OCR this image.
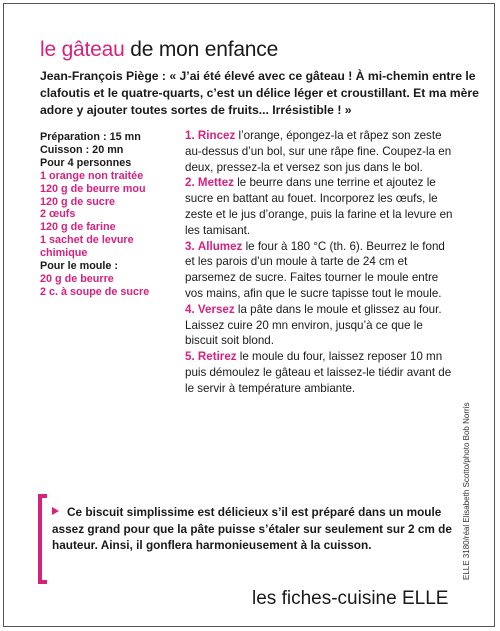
le gâteau de mon enfance

Jean-François Piège : « J’ai été élevé avec ce gâteau ! À mi-chemin entre le clafoutis et le quatre-quarts, c’est un délice léger et croustillant. Et ma mère adore y ajouter toutes sortes de fruits... Irrésistible ! »

Préparation : 15 mn
Cuisson : 20 mn
Pour 4 personnes
1 orange non traitée
120 g de beurre mou
120 g de sucre
2 œufs
120 g de farine
1 sachet de levure chimique
Pour le moule :
20 g de beurre
2 c. à soupe de sucre
1. Rincez l’orange, épongez-la et râpez son zeste au-dessus d’un bol, sur une râpe fine. Coupez-la en deux, pressez-la et versez son jus dans le bol.
2. Mettez le beurre dans une terrine et ajoutez le sucre en battant au fouet. Incorporez les œufs, le zeste et le jus d’orange, puis la farine et la levure en les tamisant.
3. Allumez le four à 180 °C (th. 6). Beurrez le fond et les parois d’un moule à tarte de 24 cm et parsemez de sucre. Faites tourner le moule entre vos mains, afin que le sucre tapisse tout le moule.
4. Versez la pâte dans le moule et glissez au four. Laissez cuire 20 mn environ, jusqu’à ce que le biscuit soit blond.
5. Retirez le moule du four, laissez reposer 10 mn puis démoulez le gâteau et laissez-le tiédir avant de le servir à température ambiante.
ELLE 3180/réal Elisabeth Scotto/photo Bob Norris

Ce biscuit simplissime est délicieux s’il est préparé dans un moule assez grand pour que la pâte puisse s’étaler sur seulement sur 2 cm de hauteur. Ainsi, il gonflera harmonieusement à la cuisson.

les fiches-cuisine ELLE
